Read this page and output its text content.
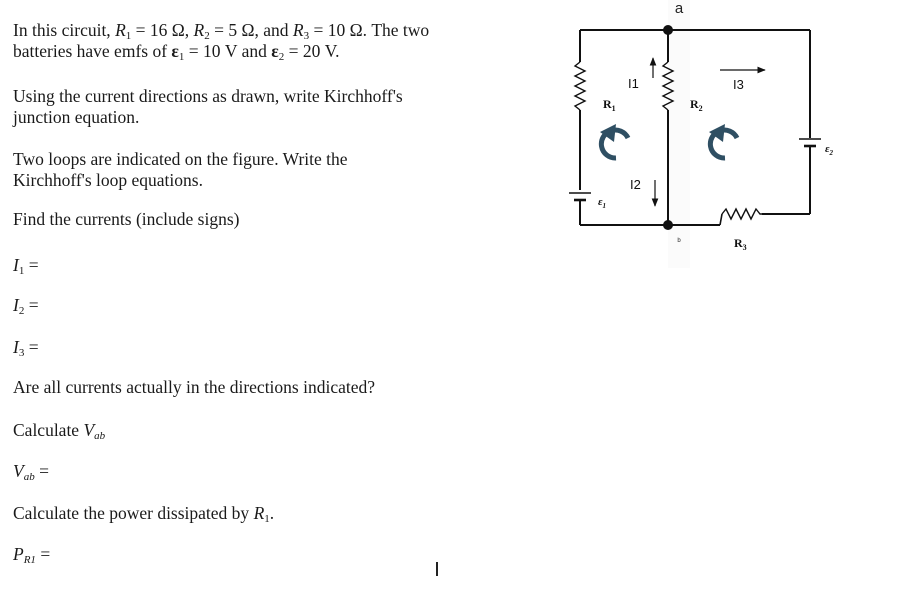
In this circuit, $R_1 = 16$ Ω, $R_2 = 5$ Ω, and $R_3 = 10$ Ω. The two batteries have emfs of $\varepsilon_1 = 10$ V and $\varepsilon_2 = 20$ V.
Using the current directions as drawn, write Kirchhoff's junction equation.
Two loops are indicated on the figure. Write the Kirchhoff's loop equations.
Find the currents (include signs)
$I_1$ =
$I_2$ =
$I_3$ =
Are all currents actually in the directions indicated?
Calculate $V_{ab}$
$V_{ab}$ =
Calculate the power dissipated by $R_1$.
$P_{R1}$ =
a
b
I1
I2
I3
$R_1$	$R_2$
$R_3$
$\varepsilon_1$
$\varepsilon_2$
